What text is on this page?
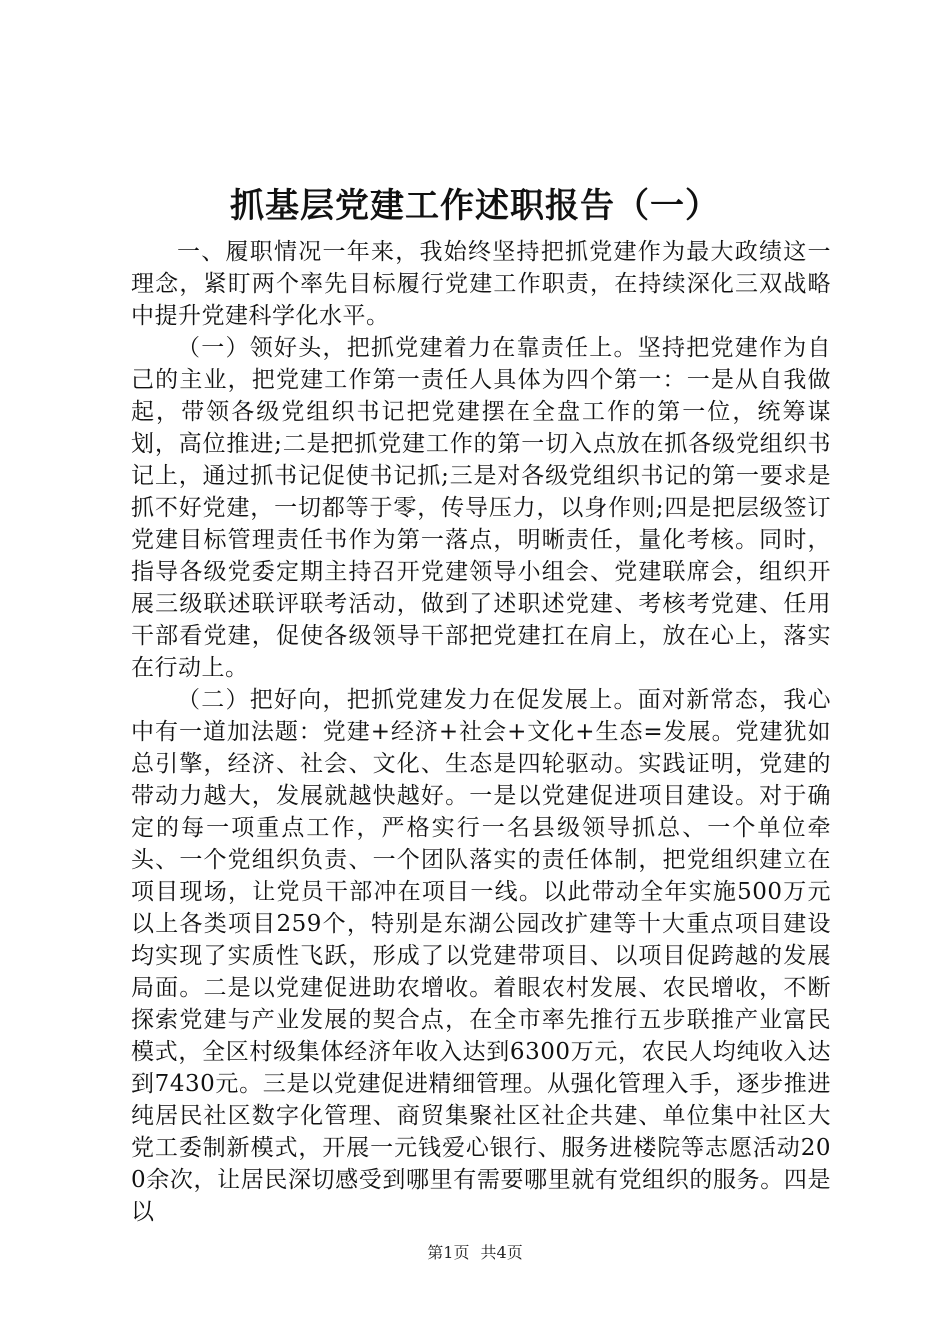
抓基层党建工作述职报告（一）

一、履职情况一年来，我始终坚持把抓党建作为最大政绩这一理念，紧盯两个率先目标履行党建工作职责，在持续深化三双战略中提升党建科学化水平。

（一）领好头，把抓党建着力在靠责任上。坚持把党建作为自己的主业，把党建工作第一责任人具体为四个第一：一是从自我做起，带领各级党组织书记把党建摆在全盘工作的第一位，统筹谋划，高位推进;二是把抓党建工作的第一切入点放在抓各级党组织书记上，通过抓书记促使书记抓;三是对各级党组织书记的第一要求是抓不好党建，一切都等于零，传导压力，以身作则;四是把层级签订党建目标管理责任书作为第一落点，明晰责任，量化考核。同时，指导各级党委定期主持召开党建领导小组会、党建联席会，组织开展三级联述联评联考活动，做到了述职述党建、考核考党建、任用干部看党建，促使各级领导干部把党建扛在肩上，放在心上，落实在行动上。

（二）把好向，把抓党建发力在促发展上。面对新常态，我心中有一道加法题：党建+经济+社会+文化+生态=发展。党建犹如总引擎，经济、社会、文化、生态是四轮驱动。实践证明，党建的带动力越大，发展就越快越好。一是以党建促进项目建设。对于确定的每一项重点工作，严格实行一名县级领导抓总、一个单位牵头、一个党组织负责、一个团队落实的责任体制，把党组织建立在项目现场，让党员干部冲在项目一线。以此带动全年实施500万元以上各类项目259个，特别是东湖公园改扩建等十大重点项目建设均实现了实质性飞跃，形成了以党建带项目、以项目促跨越的发展局面。二是以党建促进助农增收。着眼农村发展、农民增收，不断探索党建与产业发展的契合点，在全市率先推行五步联推产业富民模式，全区村级集体经济年收入达到6300万元，农民人均纯收入达到7430元。三是以党建促进精细管理。从强化管理入手，逐步推进纯居民社区数字化管理、商贸集聚社区社企共建、单位集中社区大党工委制新模式，开展一元钱爱心银行、服务进楼院等志愿活动200余次，让居民深切感受到哪里有需要哪里就有党组织的服务。四是以

第1页 共4页
